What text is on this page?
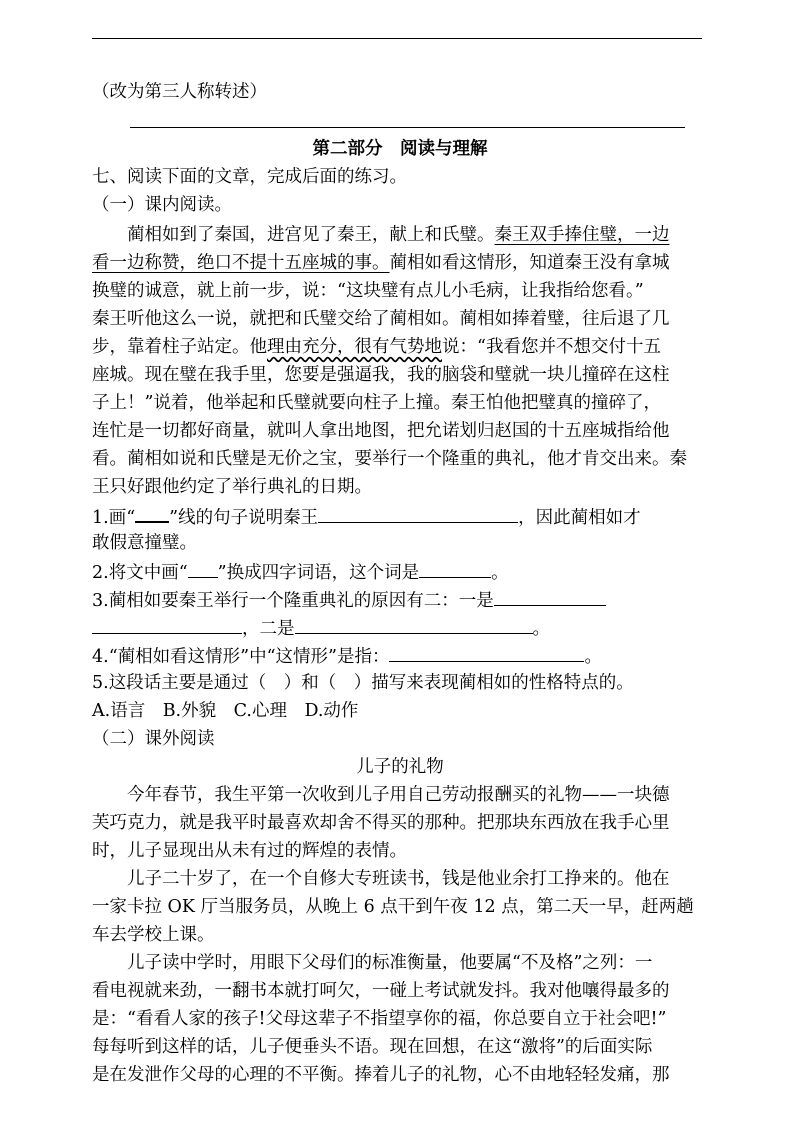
（改为第三人称转述）
第二部分　阅读与理解
七、阅读下面的文章，完成后面的练习。
（一）课内阅读。
蔺相如到了秦国，进宫见了秦王，献上和氏璧。秦王双手捧住璧，一边
看一边称赞，绝口不提十五座城的事。蔺相如看这情形，知道秦王没有拿城
换璧的诚意，就上前一步，说：“这块璧有点儿小毛病，让我指给您看。”
秦王听他这么一说，就把和氏璧交给了蔺相如。蔺相如捧着璧，往后退了几
步，靠着柱子站定。他理由充分，很有气势地说：“我看您并不想交付十五
座城。现在璧在我手里，您要是强逼我，我的脑袋和璧就一块儿撞碎在这柱
子上！”说着，他举起和氏璧就要向柱子上撞。秦王怕他把璧真的撞碎了，
连忙是一切都好商量，就叫人拿出地图，把允诺划归赵国的十五座城指给他
看。蔺相如说和氏璧是无价之宝，要举行一个隆重的典礼，他才肯交出来。秦
王只好跟他约定了举行典礼的日期。
1.画“ ”线的句子说明秦王	，因此蔺相如才
敢假意撞璧。
2.将文中画“ ”换成四字词语，这个词是	。
3.蔺相如要秦王举行一个隆重典礼的原因有二：一是
，二是	。
4.“蔺相如看这情形”中“这情形”是指：	。
5.这段话主要是通过（　）和（　）描写来表现蔺相如的性格特点的。
A.语言　B.外貌　C.心理　D.动作
（二）课外阅读
儿子的礼物
今年春节，我生平第一次收到儿子用自己劳动报酬买的礼物——一块德
芙巧克力，就是我平时最喜欢却舍不得买的那种。把那块东西放在我手心里
时，儿子显现出从未有过的辉煌的表情。
儿子二十岁了，在一个自修大专班读书，钱是他业余打工挣来的。他在
一家卡拉 OK 厅当服务员，从晚上 6 点干到午夜 12 点，第二天一早，赶两趟
车去学校上课。
儿子读中学时，用眼下父母们的标准衡量，他要属“不及格”之列：一
看电视就来劲，一翻书本就打呵欠，一碰上考试就发抖。我对他嚷得最多的
是：“看看人家的孩子!父母这辈子不指望享你的福，你总要自立于社会吧!”
每每听到这样的话，儿子便垂头不语。现在回想，在这“激将”的后面实际
是在发泄作父母的心理的不平衡。捧着儿子的礼物，心不由地轻轻发痛，那
